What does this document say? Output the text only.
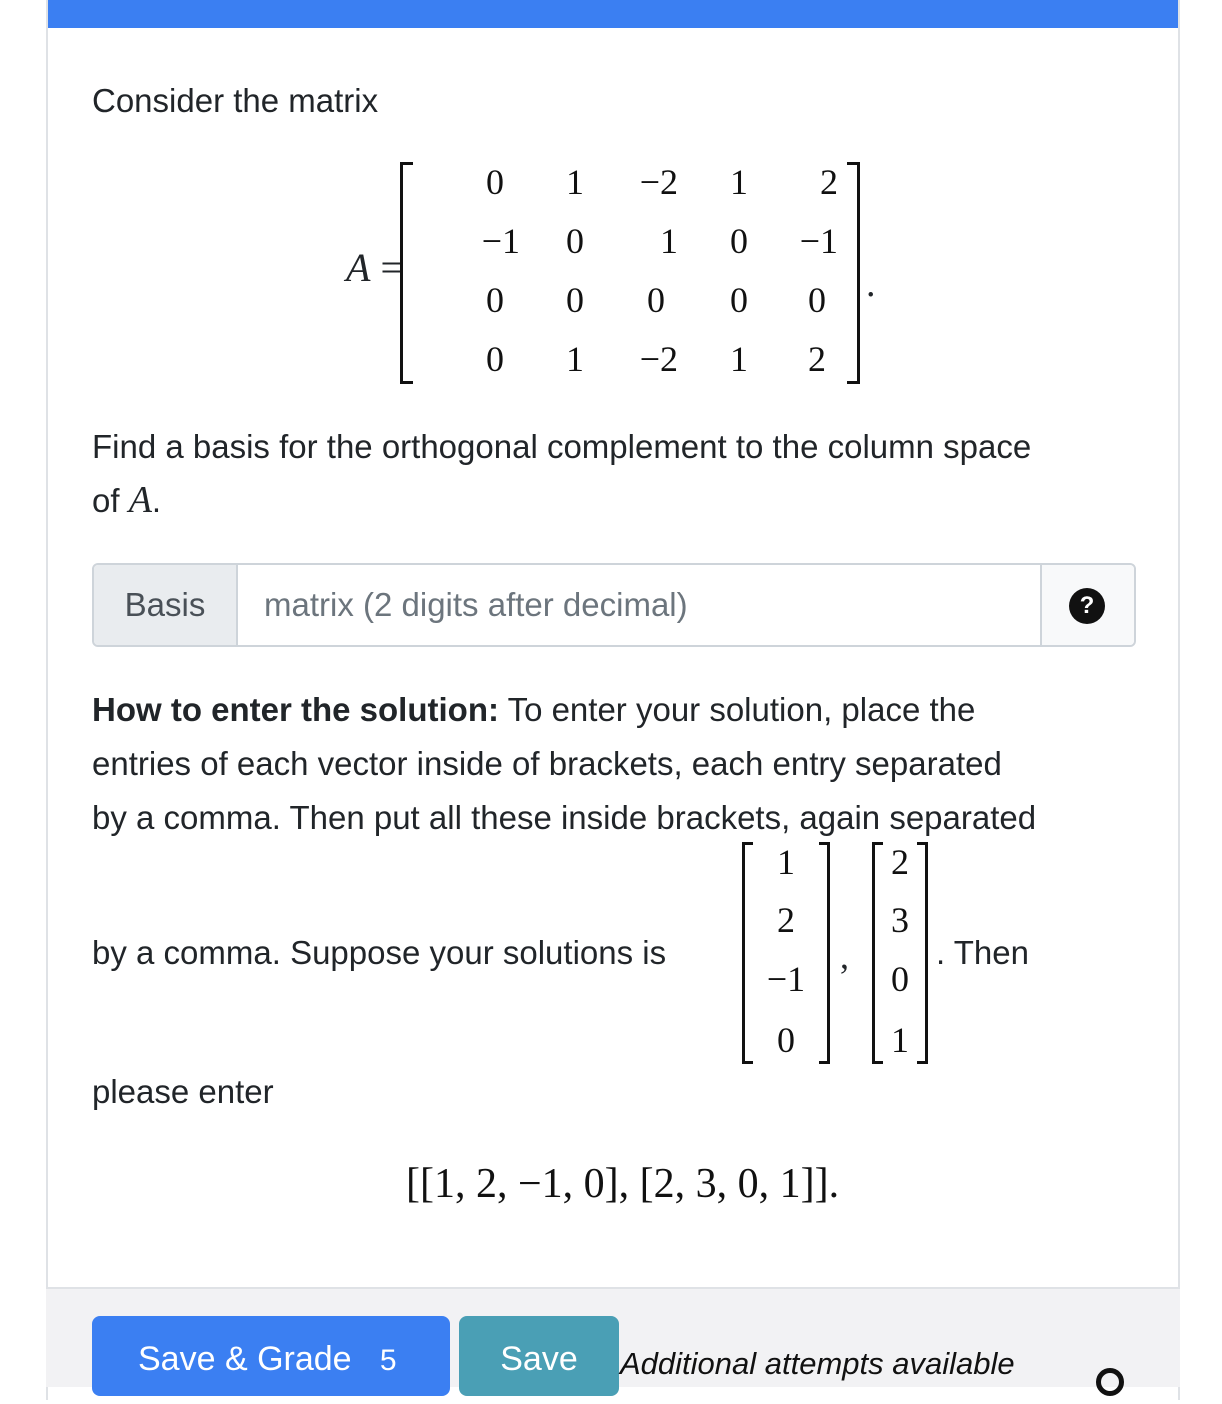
Consider the matrix
A =
0	1	−2	1	2
−1	0	1	0	−1
0	0	0	0	0
0	1	−2	1	2
.
Find a basis for the orthogonal complement to the column space
of A.
Basis
matrix (2 digits after decimal)	?
How to enter the solution: To enter your solution, place the
entries of each vector inside of brackets, each entry separated
by a comma. Then put all these inside brackets, again separated
by a comma. Suppose your solutions is
1
2
−1
0
,
2
3
0
1
. Then
please enter
[[1, 2, −1, 0], [2, 3, 0, 1]].
Save & Grade 5	Save	Additional attempts available
